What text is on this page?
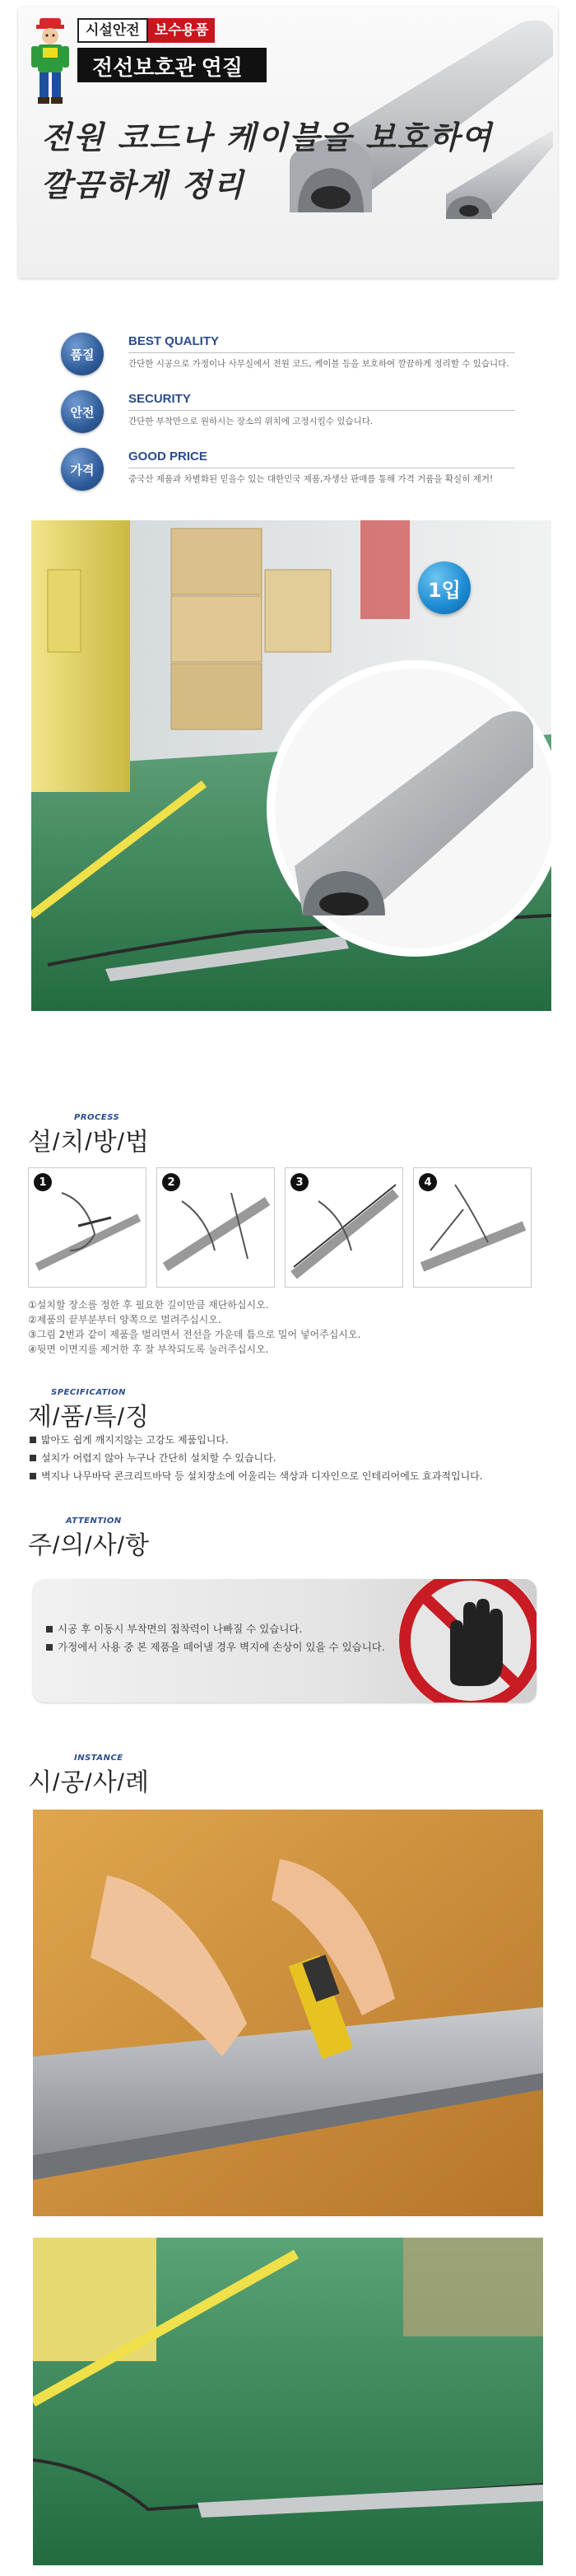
시설안전	보수용품
전선보호관 연질
전원 코드나 케이블을 보호하여
깔끔하게 정리
품질
BEST QUALITY
간단한 시공으로 가정이나 사무실에서 전원 코드, 케이블 등을 보호하여 깔끔하게 정리할 수 있습니다.
안전
SECURITY
간단한 부착만으로 원하시는 장소의 위치에 고정시킬수 있습니다.
가격
GOOD PRICE
중국산 제품과 차별화된 믿을수 있는 대한민국 제품,자생산 판매를 통해 가격 거품을 확실히 제거!
1입
PROCESS
설/치/방/법
1	2	3	4
①설치할 장소를 정한 후 필요한 길이만큼 재단하십시오.
②제품의 끝부분부터 양쪽으로 벌려주십시오.
③그림 2번과 같이 제품을 벌리면서 전선을 가운데 틈으로 밀어 넣어주십시오.
④뒷면 이면지를 제거한 후 잘 부착되도록 눌러주십시오.
SPECIFICATION
제/품/특/징
밟아도 쉽게 깨지지않는 고강도 제품입니다.
설치가 어렵지 않아 누구나 간단히 설치할 수 있습니다.
벽지나 나무바닥 콘크리트바닥 등 설치장소에 어울리는 색상과 디자인으로 인테리어에도 효과적입니다.
ATTENTION
주/의/사/항
시공 후 이동시 부착면의 접착력이 나빠질 수 있습니다.
가정에서 사용 중 본 제품을 떼어낼 경우 벽지에 손상이 있을 수 있습니다.
INSTANCE
시/공/사/례
